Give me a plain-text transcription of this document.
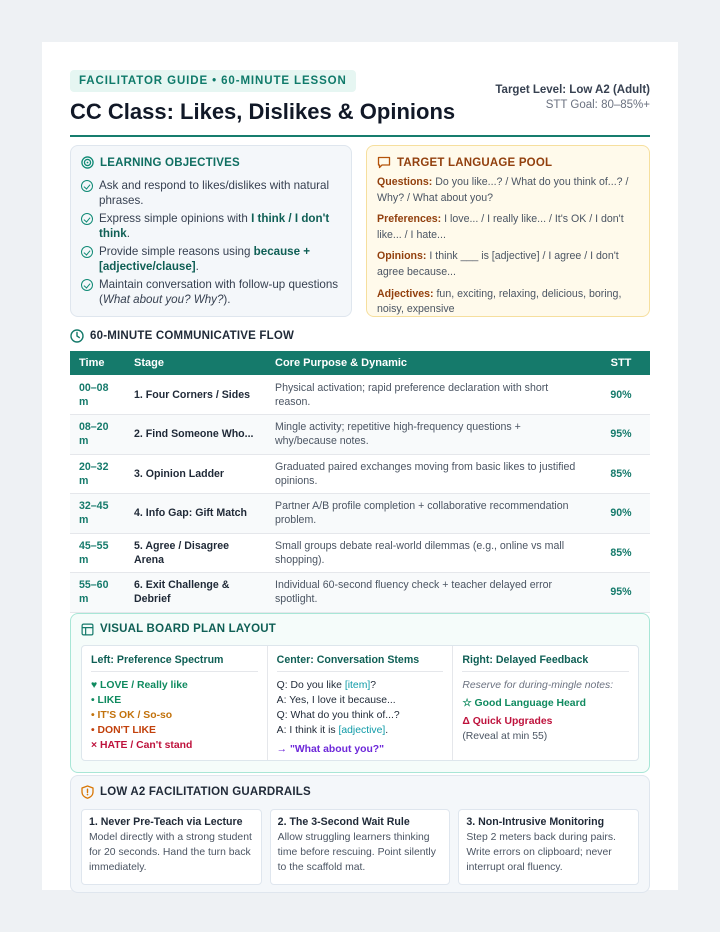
FACILITATOR GUIDE • 60-MINUTE LESSON
CC Class: Likes, Dislikes & Opinions
Target Level: Low A2 (Adult)
STT Goal: 80–85%+
LEARNING OBJECTIVES
Ask and respond to likes/dislikes with natural phrases.
Express simple opinions with I think / I don't think.
Provide simple reasons using because + [adjective/clause].
Maintain conversation with follow-up questions (What about you? Why?).
TARGET LANGUAGE POOL
Questions: Do you like...? / What do you think of...? / Why? / What about you?
Preferences: I love... / I really like... / It's OK / I don't like... / I hate...
Opinions: I think ___ is [adjective] / I agree / I don't agree because...
Adjectives: fun, exciting, relaxing, delicious, boring, noisy, expensive
60-MINUTE COMMUNICATIVE FLOW
Time	Stage	Core Purpose & Dynamic	STT
00–08 m	1. Four Corners / Sides	Physical activation; rapid preference declaration with short reason.	90%
08–20 m	2. Find Someone Who...	Mingle activity; repetitive high-frequency questions + why/because notes.	95%
20–32 m	3. Opinion Ladder	Graduated paired exchanges moving from basic likes to justified opinions.	85%
32–45 m	4. Info Gap: Gift Match	Partner A/B profile completion + collaborative recommendation problem.	90%
45–55 m	5. Agree / Disagree Arena	Small groups debate real-world dilemmas (e.g., online vs mall shopping).	85%
55–60 m	6. Exit Challenge & Debrief	Individual 60-second fluency check + teacher delayed error spotlight.	95%
VISUAL BOARD PLAN LAYOUT
Left: Preference Spectrum
♥ LOVE / Really like
• LIKE
• IT'S OK / So-so
• DON'T LIKE
× HATE / Can't stand
Center: Conversation Stems
Q: Do you like [item]?
A: Yes, I love it because...
Q: What do you think of...?
A: I think it is [adjective].
→ "What about you?"
Right: Delayed Feedback
Reserve for during-mingle notes:
☆ Good Language Heard
Δ Quick Upgrades
(Reveal at min 55)
LOW A2 FACILITATION GUARDRAILS
1. Never Pre-Teach via Lecture
Model directly with a strong student for 20 seconds. Hand the turn back immediately.
2. The 3-Second Wait Rule
Allow struggling learners thinking time before rescuing. Point silently to the scaffold mat.
3. Non-Intrusive Monitoring
Step 2 meters back during pairs. Write errors on clipboard; never interrupt oral fluency.
